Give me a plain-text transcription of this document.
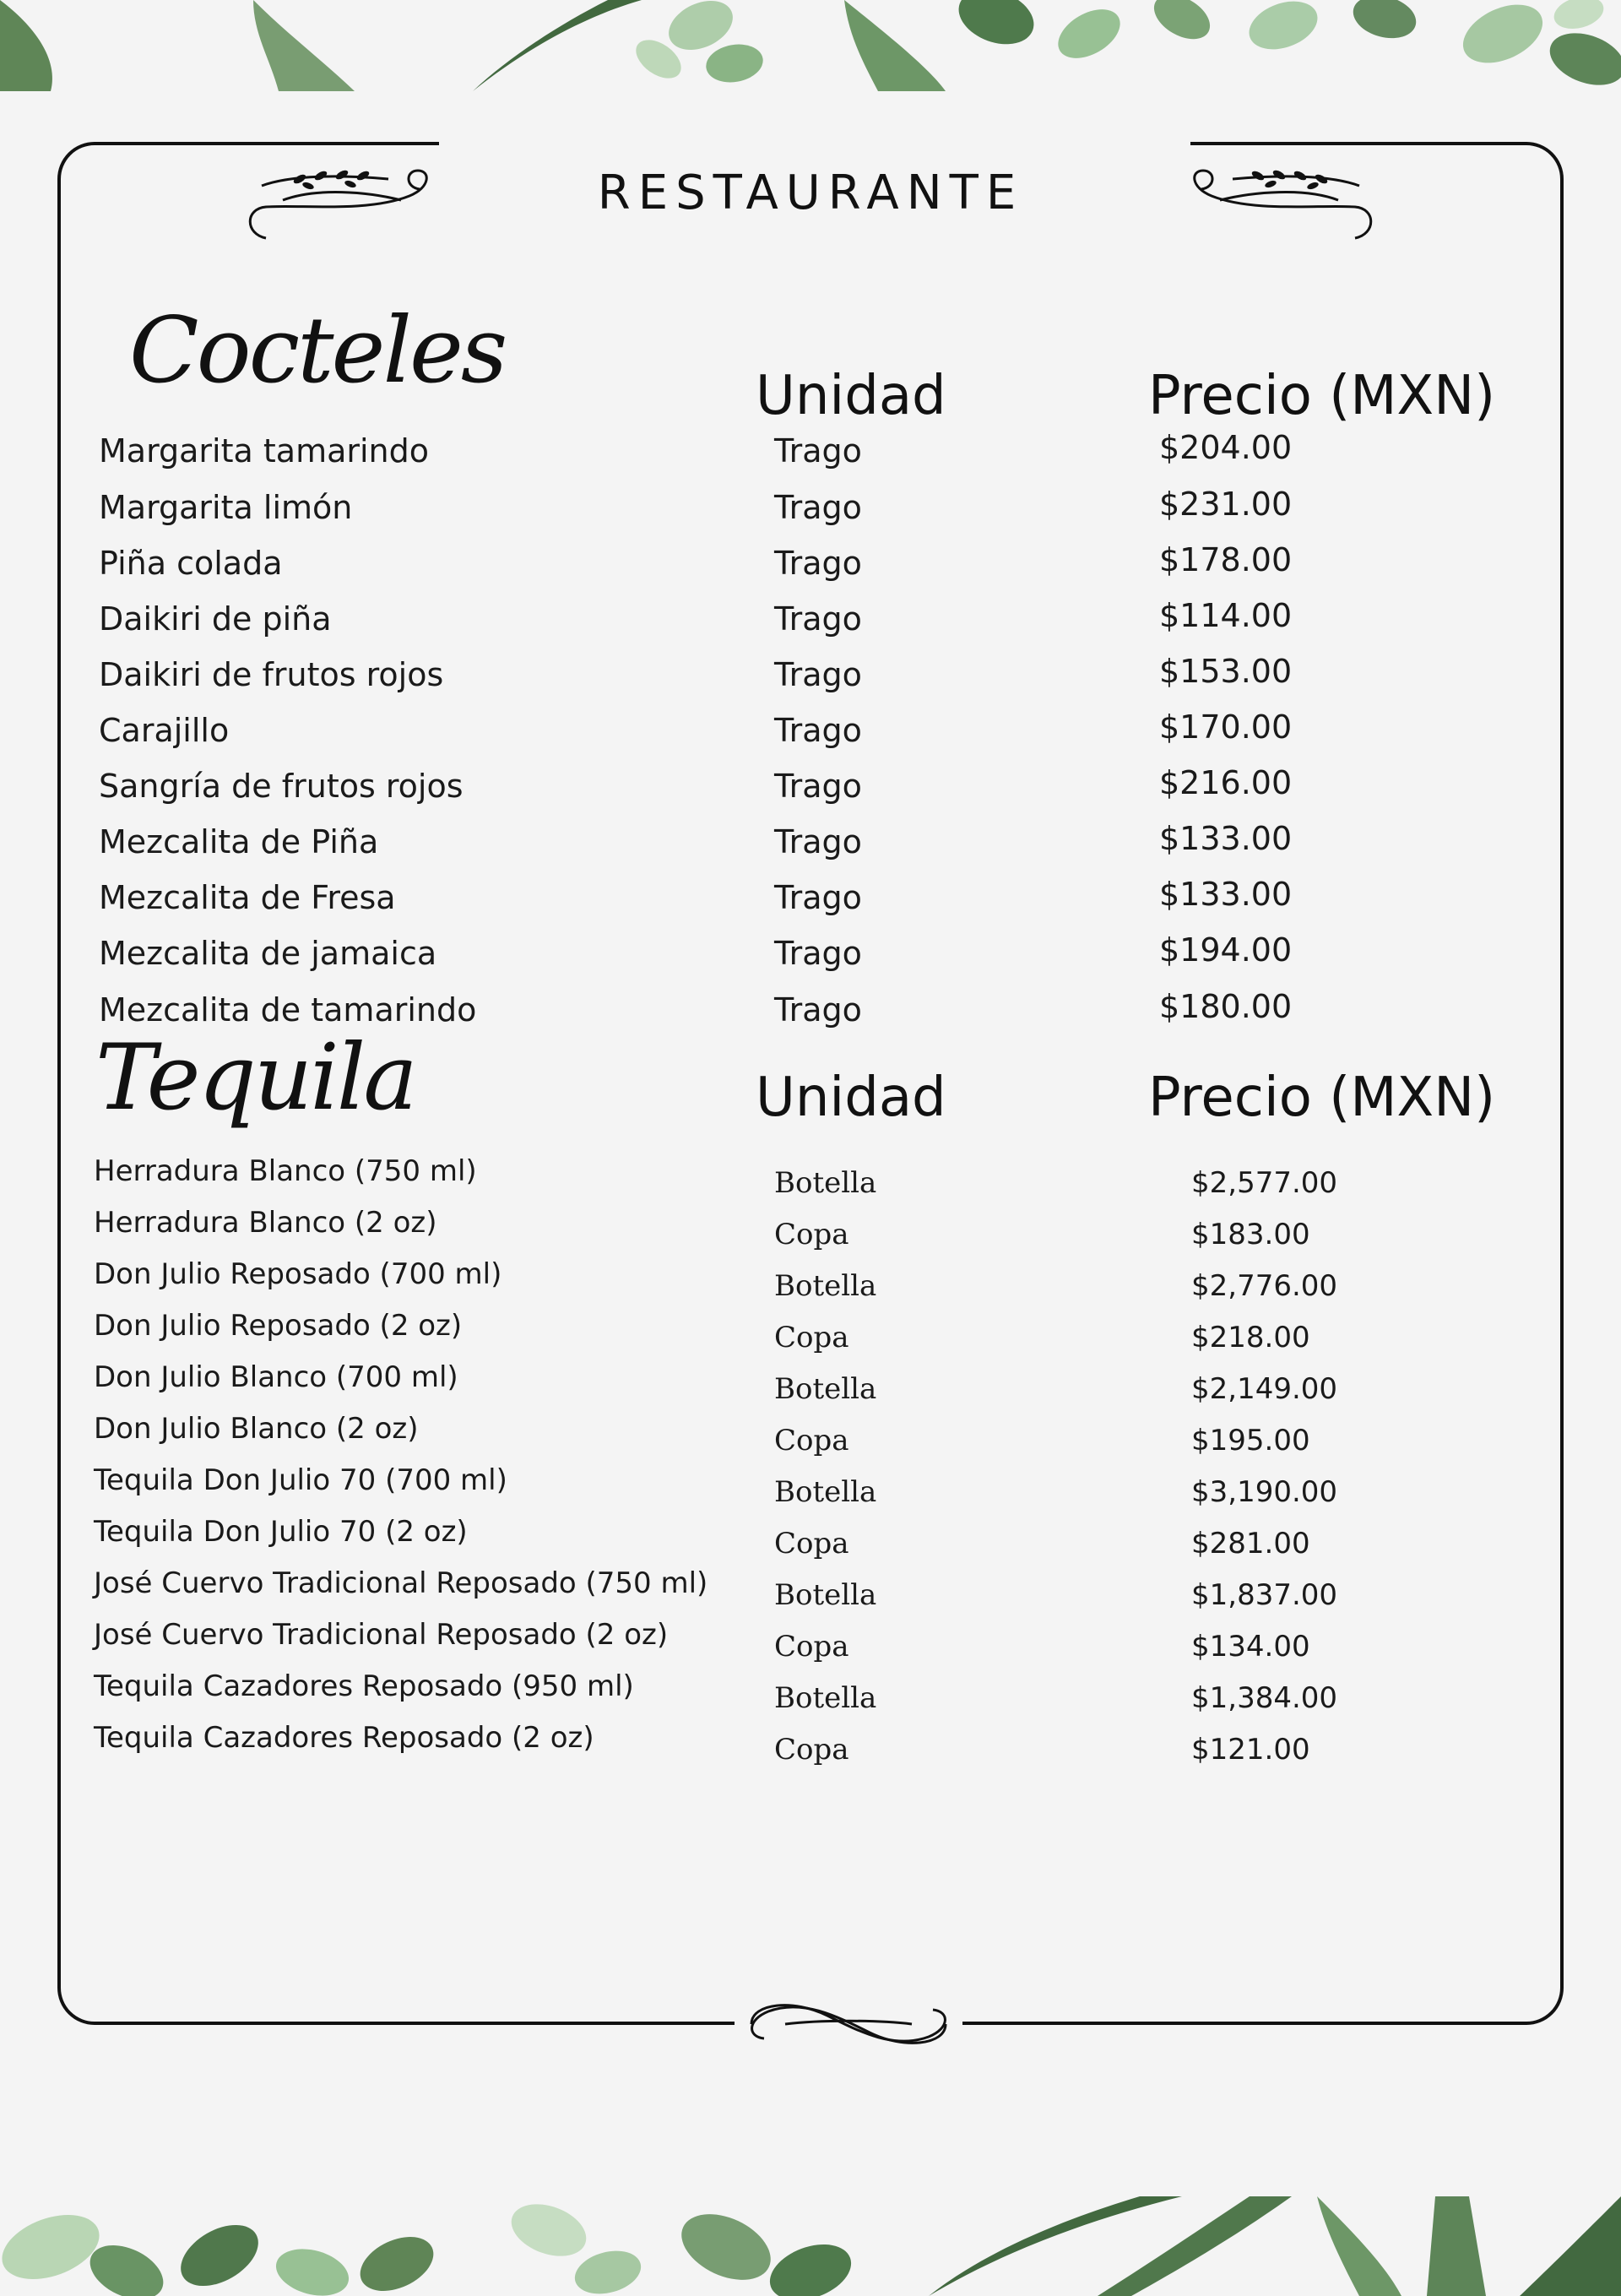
RESTAURANTE
Cocteles	Unidad	Precio (MXN)
Margarita tamarindo	Trago	$204.00
Margarita limón	Trago	$231.00
Piña colada	Trago	$178.00
Daikiri de piña	Trago	$114.00
Daikiri de frutos rojos	Trago	$153.00
Carajillo	Trago	$170.00
Sangría de frutos rojos	Trago	$216.00
Mezcalita de Piña	Trago	$133.00
Mezcalita de Fresa	Trago	$133.00
Mezcalita de jamaica	Trago	$194.00
Mezcalita de tamarindo	Trago	$180.00
Tequila	Unidad	Precio (MXN)
Herradura Blanco (750 ml)	Botella	$2,577.00
Herradura Blanco (2 oz)	Copa	$183.00
Don Julio Reposado (700 ml)	Botella	$2,776.00
Don Julio Reposado (2 oz)	Copa	$218.00
Don Julio Blanco (700 ml)	Botella	$2,149.00
Don Julio Blanco (2 oz)	Copa	$195.00
Tequila Don Julio 70 (700 ml)	Botella	$3,190.00
Tequila Don Julio 70 (2 oz)	Copa	$281.00
José Cuervo Tradicional Reposado (750 ml) Botella	$1,837.00
José Cuervo Tradicional Reposado (2 oz)	Copa	$134.00
Tequila Cazadores Reposado (950 ml)	Botella	$1,384.00
Tequila Cazadores Reposado (2 oz)	Copa	$121.00
